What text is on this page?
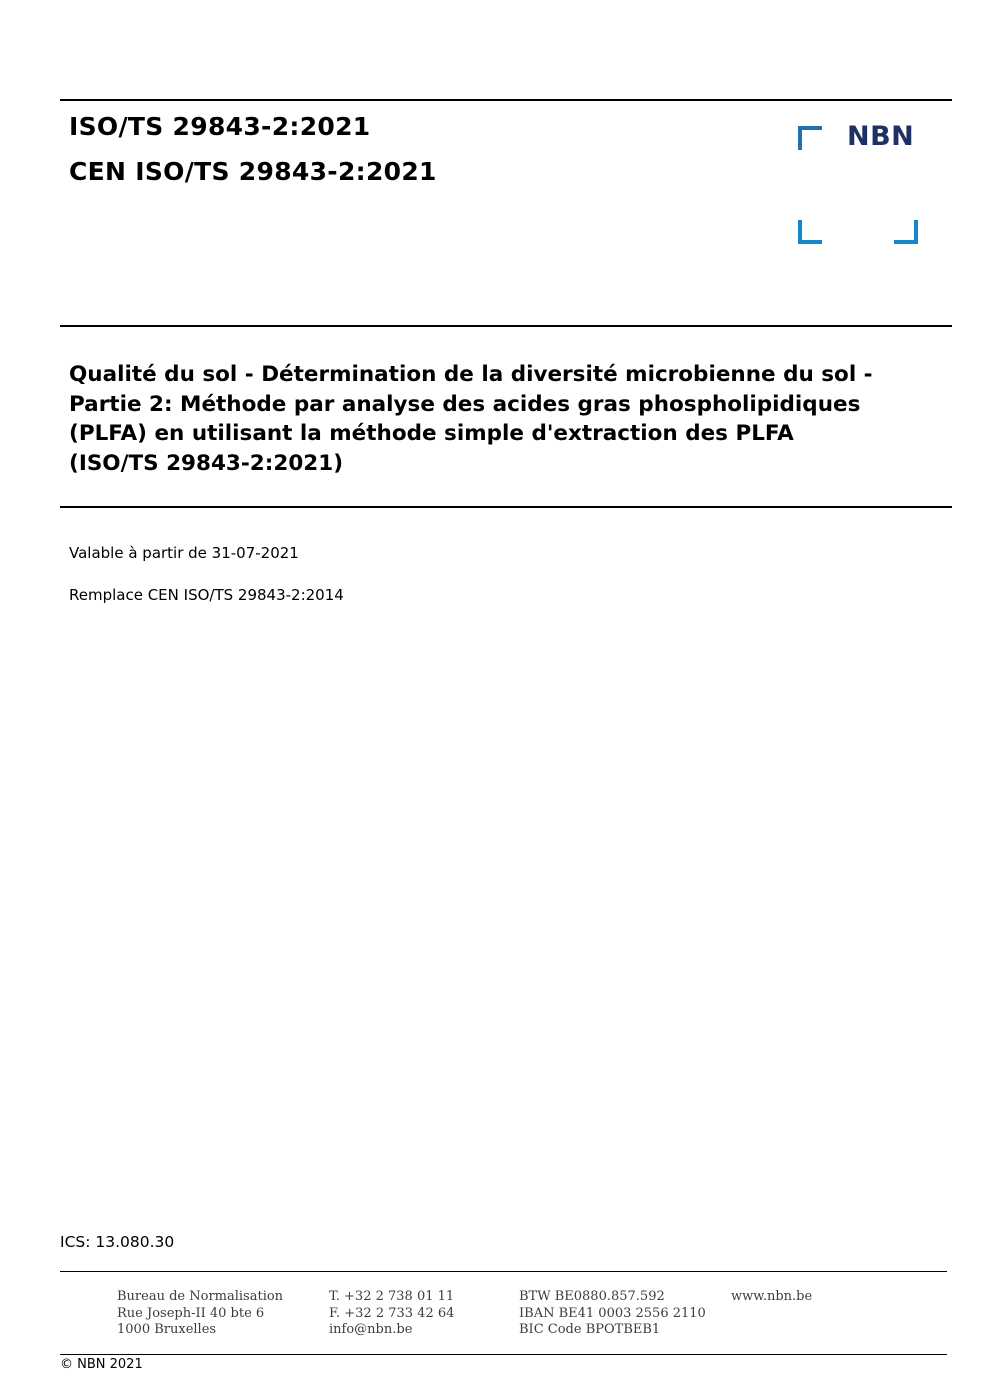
ISO/TS 29843-2:2021
CEN ISO/TS 29843-2:2021
NBN
Qualité du sol - Détermination de la diversité microbienne du sol -
Partie 2: Méthode par analyse des acides gras phospholipidiques
(PLFA) en utilisant la méthode simple d'extraction des PLFA
(ISO/TS 29843-2:2021)
Valable à partir de 31-07-2021
Remplace CEN ISO/TS 29843-2:2014
ICS: 13.080.30
Bureau de Normalisation
Rue Joseph-II 40 bte 6
1000 Bruxelles
T. +32 2 738 01 11
F. +32 2 733 42 64
info@nbn.be
BTW BE0880.857.592
IBAN BE41 0003 2556 2110
BIC Code BPOTBEB1
www.nbn.be
© NBN 2021
